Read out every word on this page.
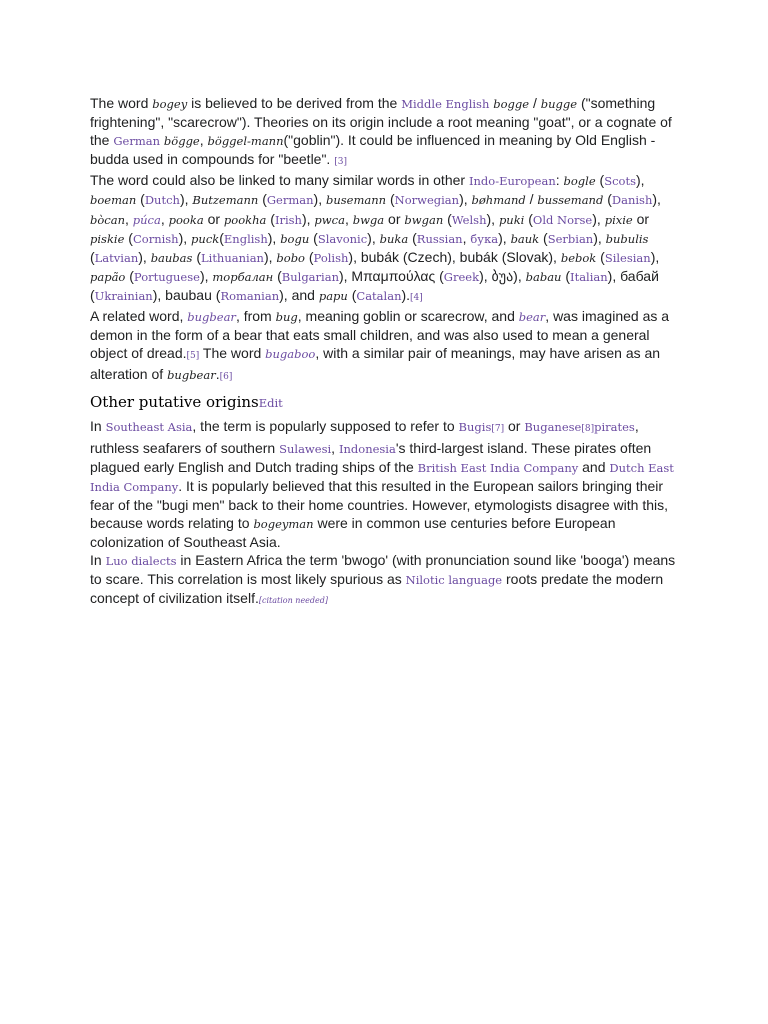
The word bogey is believed to be derived from the Middle English bogge / bugge ("something frightening", "scarecrow"). Theories on its origin include a root meaning "goat", or a cognate of the German bögge, böggel-mann("goblin"). It could be influenced in meaning by Old English -budda used in compounds for "beetle". [3]

The word could also be linked to many similar words in other Indo-European: bogle (Scots), boeman (Dutch), Butzemann (German), busemann (Norwegian), bøhmand / bussemand (Danish), bòcan, púca, pooka or pookha (Irish), pwca, bwga or bwgan (Welsh), puki (Old Norse), pixie or piskie (Cornish), puck(English), bogu (Slavonic), buka (Russian, бука), bauk (Serbian), bubulis (Latvian), baubas (Lithuanian), bobo (Polish), bubák (Czech), bubák (Slovak), bebok (Silesian), papão (Portuguese), торбалан (Bulgarian), Μπαμπούλας (Greek), ბუა), babau (Italian), бабай (Ukrainian), baubau (Romanian), and papu (Catalan).[4]

A related word, bugbear, from bug, meaning goblin or scarecrow, and bear, was imagined as a demon in the form of a bear that eats small children, and was also used to mean a general object of dread.[5] The word bugaboo, with a similar pair of meanings, may have arisen as an alteration of bugbear.[6]

Other putative originsEdit

In Southeast Asia, the term is popularly supposed to refer to Bugis[7] or Buganese[8]pirates, ruthless seafarers of southern Sulawesi, Indonesia's third-largest island. These pirates often plagued early English and Dutch trading ships of the British East India Company and Dutch East India Company. It is popularly believed that this resulted in the European sailors bringing their fear of the "bugi men" back to their home countries. However, etymologists disagree with this, because words relating to bogeyman were in common use centuries before European colonization of Southeast Asia.

In Luo dialects in Eastern Africa the term 'bwogo' (with pronunciation sound like 'booga') means to scare. This correlation is most likely spurious as Nilotic language roots predate the modern concept of civilization itself.[citation needed]
